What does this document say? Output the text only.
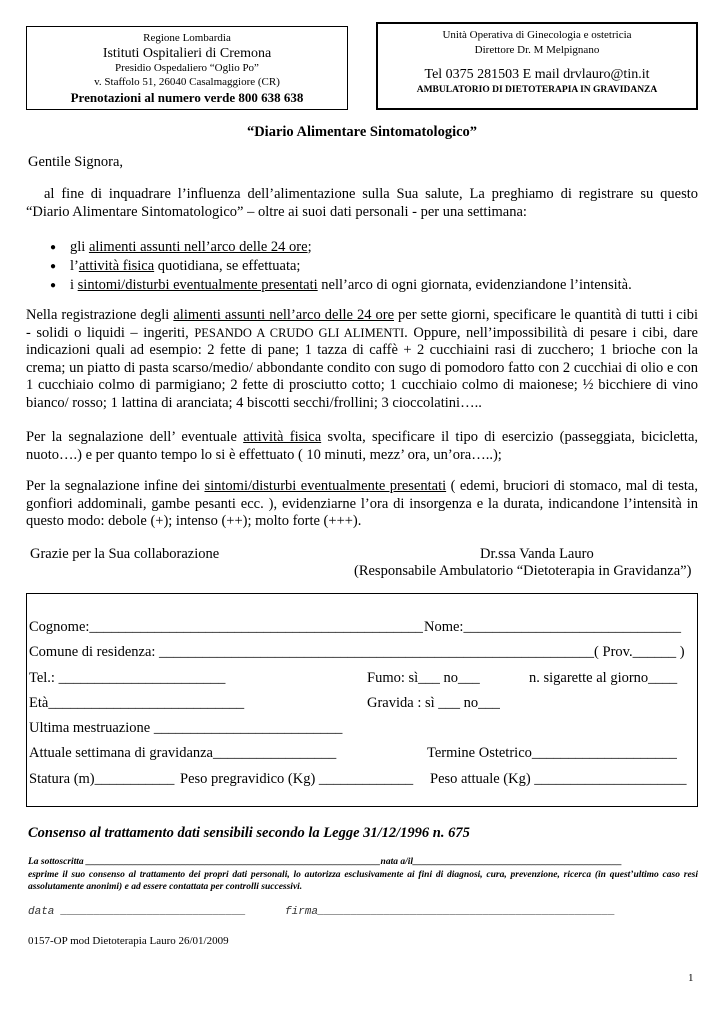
Regione Lombardia
Istituti Ospitalieri di Cremona
Presidio Ospedaliero “Oglio Po”
v. Staffolo 51, 26040 Casalmaggiore (CR)
Prenotazioni al numero verde 800 638 638
Unità Operativa di Ginecologia e ostetricia
Direttore Dr. M Melpignano
Tel 0375 281503 E mail drvlauro@tin.it
AMBULATORIO DI DIETOTERAPIA IN GRAVIDANZA
“Diario Alimentare Sintomatologico”
Gentile Signora,
al fine di inquadrare l’influenza dell’alimentazione sulla Sua salute, La preghiamo di registrare su questo “Diario Alimentare Sintomatologico” – oltre ai suoi dati personali - per una settimana:
● gli alimenti assunti nell’arco delle 24 ore;
● l’attività fisica quotidiana, se effettuata;
● i sintomi/disturbi eventualmente presentati nell’arco di ogni giornata, evidenziandone l’intensità.
Nella registrazione degli alimenti assunti nell’arco delle 24 ore per sette giorni, specificare le quantità di tutti i cibi - solidi o liquidi – ingeriti, PESANDO A CRUDO GLI ALIMENTI. Oppure, nell’impossibilità di pesare i cibi, dare indicazioni quali ad esempio: 2 fette di pane; 1 tazza di caffè + 2 cucchiaini rasi di zucchero; 1 brioche con la crema; un piatto di pasta scarso/medio/ abbondante condito con sugo di pomodoro fatto con 2 cucchiai di olio e con 1 cucchiaio colmo di parmigiano; 2 fette di prosciutto cotto; 1 cucchiaio colmo di maionese; ½ bicchiere di vino bianco/ rosso; 1 lattina di aranciata; 4 biscotti secchi/frollini; 3 cioccolatini…..
Per la segnalazione dell’ eventuale attività fisica svolta, specificare il tipo di esercizio (passeggiata, bicicletta, nuoto….) e per quanto tempo lo si è effettuato ( 10 minuti, mezz’ ora, un’ora…..);
Per la segnalazione infine dei sintomi/disturbi eventualmente presentati ( edemi, bruciori di stomaco, mal di testa, gonfiori addominali, gambe pesanti ecc. ), evidenziarne l’ora di insorgenza e la durata, indicandone l’intensità in questo modo: debole (+); intenso (++); molto forte (+++).
Grazie per la Sua collaborazione	Dr.ssa Vanda Lauro
(Responsabile Ambulatorio “Dietoterapia in Gravidanza”)
Cognome:______________________________________________ Nome:______________________________
Comune di residenza: ____________________________________________________________( Prov.______ )
Tel.: _______________________	Fumo: sì___ no___	n. sigarette al giorno____
Età___________________________	Gravida : sì ___ no___
Ultima mestruazione __________________________
Attuale settimana di gravidanza_________________	Termine Ostetrico____________________
Statura (m)___________ Peso pregravidico (Kg) _____________ Peso attuale (Kg) _____________________
Consenso al trattamento dati sensibili secondo la Legge 31/12/1996 n. 675
La sottoscritta ______________________________________________________________nata a/il____________________________________________
esprime il suo consenso al trattamento dei propri dati personali, lo autorizza esclusivamente ai fini di diagnosi, cura, prevenzione, ricerca (in quest’ultimo caso resi assolutamente anonimi) e ad essere contattata per controlli successivi.
data ____________________________	firma_____________________________________________
0157-OP mod Dietoterapia Lauro 26/01/2009
1
